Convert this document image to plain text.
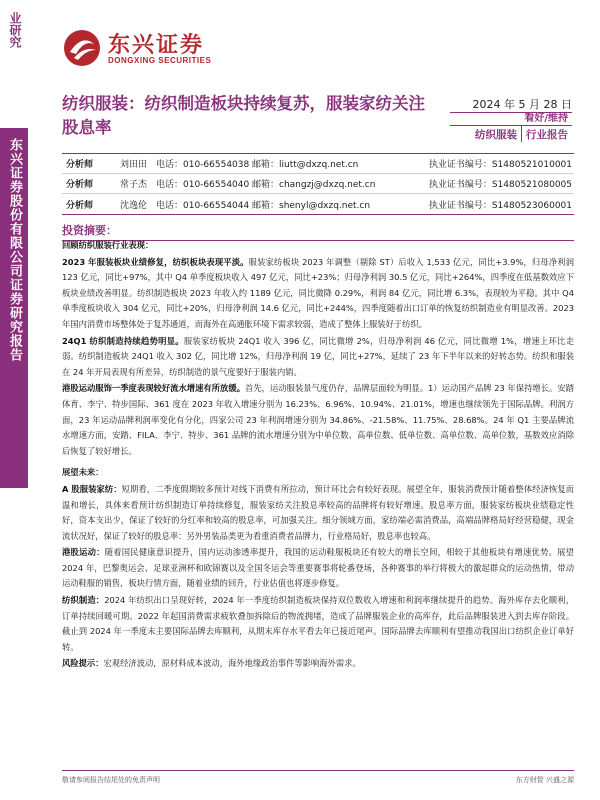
业研究
东兴证券股份有限公司证券研究报告
东兴证券
DONGXING SECURITIES
纺织服装：纺织制造板块持续复苏，服装家纺关注股息率
2024 年 5 月 28 日
看好/维持
纺织服装 行业报告
分析师	刘田田 电话：010-66554038 邮箱：liutt@dxzq.net.cn	执业证书编号：S1480521010001
分析师	常子杰 电话：010-66554040 邮箱：changzj@dxzq.net.cn	执业证书编号：S1480521080005
分析师	沈逸伦 电话：010-66554044 邮箱：shenyl@dxzq.net.cn	执业证书编号：S1480523060001
投资摘要：

回顾纺织服装行业表现：

2023 年服装板块业绩修复，纺织板块表现平淡。服装家纺板块 2023 年调整（剔除 ST）后收入 1,533 亿元，同比+3.9%，归母净利润 123 亿元，同比+97%，其中 Q4 单季度板块收入 497 亿元，同比+23%；归母净利润 30.5 亿元，同比+264%，四季度在低基数效应下板块业绩改善明显。纺织制造板块 2023 年收入约 1189 亿元，同比微降 0.29%，利润 84 亿元，同比增 6.3%，表现较为平稳。其中 Q4 单季度板块收入 304 亿元，同比+20%，归母净利润 14.6 亿元，同比+244%，四季度随着出口订单的恢复纺织制造业有明显改善。2023 年国内消费市场整体处于复苏通道，而海外在高通胀环境下需求较弱，造成了整体上服装好于纺织。

24Q1 纺织制造持续趋势明显。服装家纺板块 24Q1 收入 396 亿，同比微增 2%，归母净利润 46 亿元，同比微增 1%，增速上环比走弱。纺织制造板块 24Q1 收入 302 亿，同比增 12%，归母净利润 19 亿，同比+27%，延续了 23 年下半年以来的好转态势。纺织和服装在 24 年开局表现有所差异，纺织制造的景气度要好于服装内销。

港股运动服饰一季度表现较好流水增速有所放缓。首先，运动服装景气度仍存，品牌层面较为明显。1）运动国产品牌 23 年保持增长。安踏体育、李宁、特步国际、361 度在 2023 年收入增速分别为 16.23%、6.96%、10.94%、21.01%，增速也继续领先于国际品牌。利润方面，23 年运动品牌利润率变化有分化，四家公司 23 年利润增速分别为 34.86%、-21.58%、11.75%、28.68%。24 年 Q1 主要品牌流水增速方面，安踏、FILA、李宁、特步、361 品牌的流水增速分别为中单位数、高单位数、低单位数、高单位数、高单位数，基数效应消除后恢复了较好增长。

展望未来：

A 股服装家纺：短期看，二季度假期较多预计对线下消费有所拉动，预计环比会有较好表现。展望全年，服装消费预计随着整体经济恢复而温和增长，具体来看预计纺织制造订单持续修复，服装家纺关注股息率较高的品牌将有较好增速。股息率方面，服装家纺板块业绩稳定性好，资本支出少，保证了较好的分红率和较高的股息率，可加强关注。细分领域方面，家纺端必需消费品，高端品牌格局好经营稳健，现金流状况好，保证了较好的股息率：另外男装品类更为看重消费者品牌力，行业格局好，股息率也较高。

港股运动：随着国民健康意识提升，国内运动渗透率提升，我国的运动鞋服板块还有较大的增长空间，相较于其他板块有增速优势。展望 2024 年，巴黎奥运会、足球亚洲杯和欧锦赛以及全国冬运会等重要赛事将轮番登场，各种赛事的举行将极大的激起群众的运动热情，带动运动鞋服的销售，板块行情方面，随着业绩的回升，行业估值也将逐步修复。

纺织制造：2024 年纺织出口呈现好转，2024 年一季度纺织制造板块保持双位数收入增速和利润率继续提升的趋势。海外库存去化顺利，订单持续回暖可期。2022 年起国消费需求疲软叠加拆除后的物流拥堵，造成了品牌服装企业的高库存，此后品牌服装进入到去库存阶段。截止到 2024 年一季度末主要国际品牌去库顺利，从期末库存水平看去年已接近尾声。国际品牌去库顺利有望推动我国出口纺织企业订单好转。

风险提示：宏观经济波动，原材料成本波动，海外地缘政治事件等影响海外需求。

敬请参阅报告结尾处的免责声明	东方财智 兴盛之源
